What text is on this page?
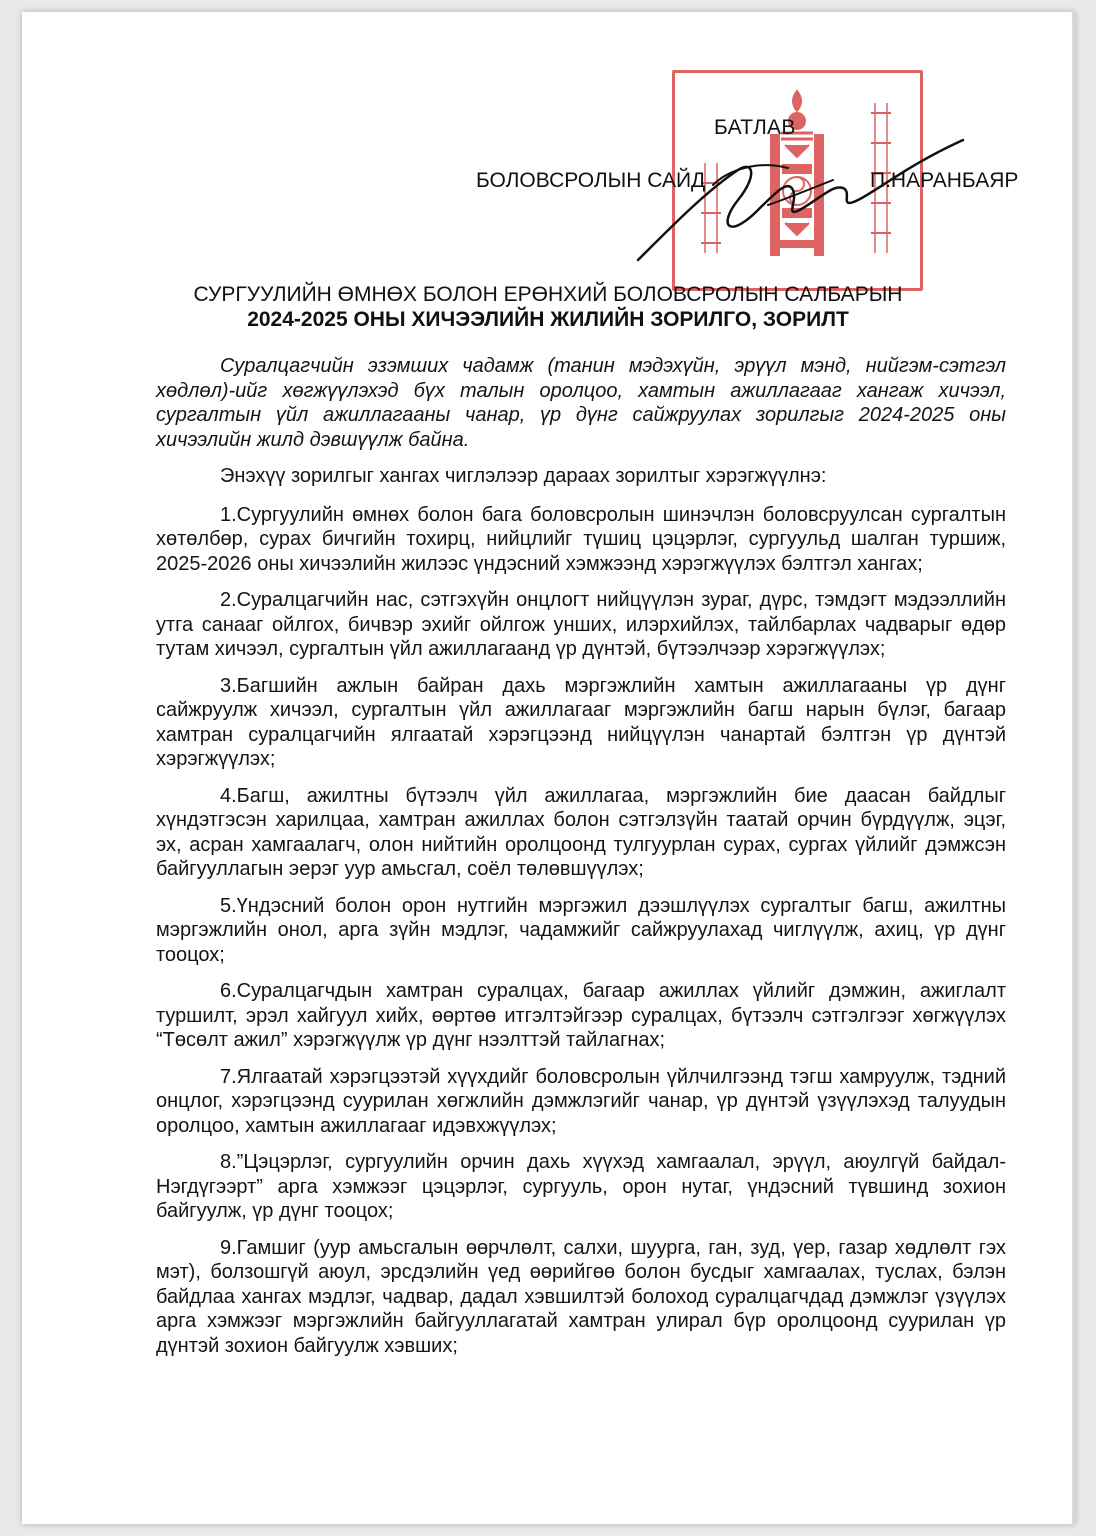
БАТЛАВ
БОЛОВСРОЛЫН САЙД	П.НАРАНБАЯР
СУРГУУЛИЙН ӨМНӨХ БОЛОН ЕРӨНХИЙ БОЛОВСРОЛЫН САЛБАРЫН
2024-2025 ОНЫ ХИЧЭЭЛИЙН ЖИЛИЙН ЗОРИЛГО, ЗОРИЛТ

Суралцагчийн эзэмших чадамж (танин мэдэхүйн, эрүүл мэнд, нийгэм-сэтгэл хөдлөл)-ийг хөгжүүлэхэд бүх талын оролцоо, хамтын ажиллагааг хангаж хичээл, сургалтын үйл ажиллагааны чанар, үр дүнг сайжруулах зорилгыг 2024-2025 оны хичээлийн жилд дэвшүүлж байна.

Энэхүү зорилгыг хангах чиглэлээр дараах зорилтыг хэрэгжүүлнэ:

1.Сургуулийн өмнөх болон бага боловсролын шинэчлэн боловсруулсан сургалтын хөтөлбөр, сурах бичгийн тохирц, нийцлийг түшиц цэцэрлэг, сургуульд шалган туршиж, 2025-2026 оны хичээлийн жилээс үндэсний хэмжээнд хэрэгжүүлэх бэлтгэл хангах;

2.Суралцагчийн нас, сэтгэхүйн онцлогт нийцүүлэн зураг, дүрс, тэмдэгт мэдээллийн утга санааг ойлгох, бичвэр эхийг ойлгож унших, илэрхийлэх, тайлбарлах чадварыг өдөр тутам хичээл, сургалтын үйл ажиллагаанд үр дүнтэй, бүтээлчээр хэрэгжүүлэх;

3.Багшийн ажлын байран дахь мэргэжлийн хамтын ажиллагааны үр дүнг сайжруулж хичээл, сургалтын үйл ажиллагааг мэргэжлийн багш нарын бүлэг, багаар хамтран суралцагчийн ялгаатай хэрэгцээнд нийцүүлэн чанартай бэлтгэн үр дүнтэй хэрэгжүүлэх;

4.Багш, ажилтны бүтээлч үйл ажиллагаа, мэргэжлийн бие даасан байдлыг хүндэтгэсэн харилцаа, хамтран ажиллах болон сэтгэлзүйн таатай орчин бүрдүүлж, эцэг, эх, асран хамгаалагч, олон нийтийн оролцоонд тулгуурлан сурах, сургах үйлийг дэмжсэн байгууллагын эерэг уур амьсгал, соёл төлөвшүүлэх;

5.Үндэсний болон орон нутгийн мэргэжил дээшлүүлэх сургалтыг багш, ажилтны мэргэжлийн онол, арга зүйн мэдлэг, чадамжийг сайжруулахад чиглүүлж, ахиц, үр дүнг тооцох;

6.Суралцагчдын хамтран суралцах, багаар ажиллах үйлийг дэмжин, ажиглалт туршилт, эрэл хайгуул хийх, өөртөө итгэлтэйгээр суралцах, бүтээлч сэтгэлгээг хөгжүүлэх “Төсөлт ажил” хэрэгжүүлж үр дүнг нээлттэй тайлагнах;

7.Ялгаатай хэрэгцээтэй хүүхдийг боловсролын үйлчилгээнд тэгш хамруулж, тэдний онцлог, хэрэгцээнд суурилан хөгжлийн дэмжлэгийг чанар, үр дүнтэй үзүүлэхэд талуудын оролцоо, хамтын ажиллагааг идэвхжүүлэх;

8.”Цэцэрлэг, сургуулийн орчин дахь хүүхэд хамгаалал, эрүүл, аюулгүй байдал-Нэгдүгээрт” арга хэмжээг цэцэрлэг, сургууль, орон нутаг, үндэсний түвшинд зохион байгуулж, үр дүнг тооцох;

9.Гамшиг (уур амьсгалын өөрчлөлт, салхи, шуурга, ган, зуд, үер, газар хөдлөлт гэх мэт), болзошгүй аюул, эрсдэлийн үед өөрийгөө болон бусдыг хамгаалах, туслах, бэлэн байдлаа хангах мэдлэг, чадвар, дадал хэвшилтэй болоход суралцагчдад дэмжлэг үзүүлэх арга хэмжээг мэргэжлийн байгууллагатай хамтран улирал бүр оролцоонд суурилан үр дүнтэй зохион байгуулж хэвших;
